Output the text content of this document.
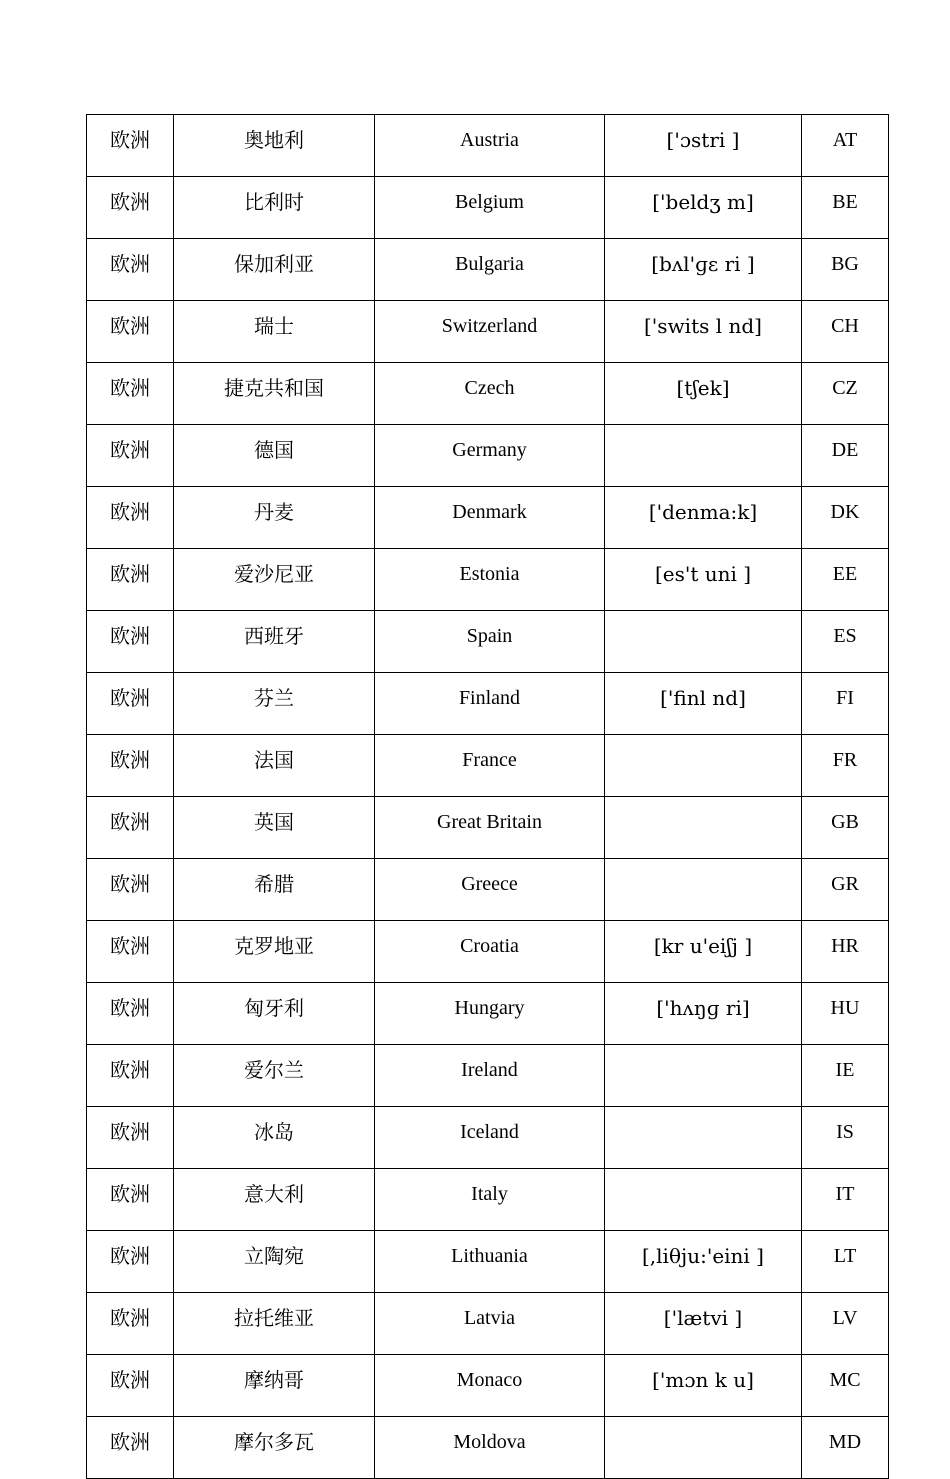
欧洲	奥地利	Austria	['ɔstri ]	AT
欧洲	比利时	Belgium	['beldʒ m]	BE
欧洲	保加利亚	Bulgaria	[bʌl'ɡɛ ri ]	BG
欧洲	瑞士	Switzerland	['swits l nd]	CH
欧洲	捷克共和国	Czech	[tʃek]	CZ
欧洲	德国	Germany		DE
欧洲	丹麦	Denmark	['denma:k]	DK
欧洲	爱沙尼亚	Estonia	[es't uni ]	EE
欧洲	西班牙	Spain		ES
欧洲	芬兰	Finland	['finl nd]	FI
欧洲	法国	France		FR
欧洲	英国	Great Britain		GB
欧洲	希腊	Greece		GR
欧洲	克罗地亚	Croatia	[kr u'eiʃj ]	HR
欧洲	匈牙利	Hungary	['hʌŋɡ ri]	HU
欧洲	爱尔兰	Ireland		IE
欧洲	冰岛	Iceland		IS
欧洲	意大利	Italy		IT
欧洲	立陶宛	Lithuania	[,liθju:'eini ]	LT
欧洲	拉托维亚	Latvia	['lætvi ]	LV
欧洲	摩纳哥	Monaco	['mɔn k u]	MC
欧洲	摩尔多瓦	Moldova		MD
